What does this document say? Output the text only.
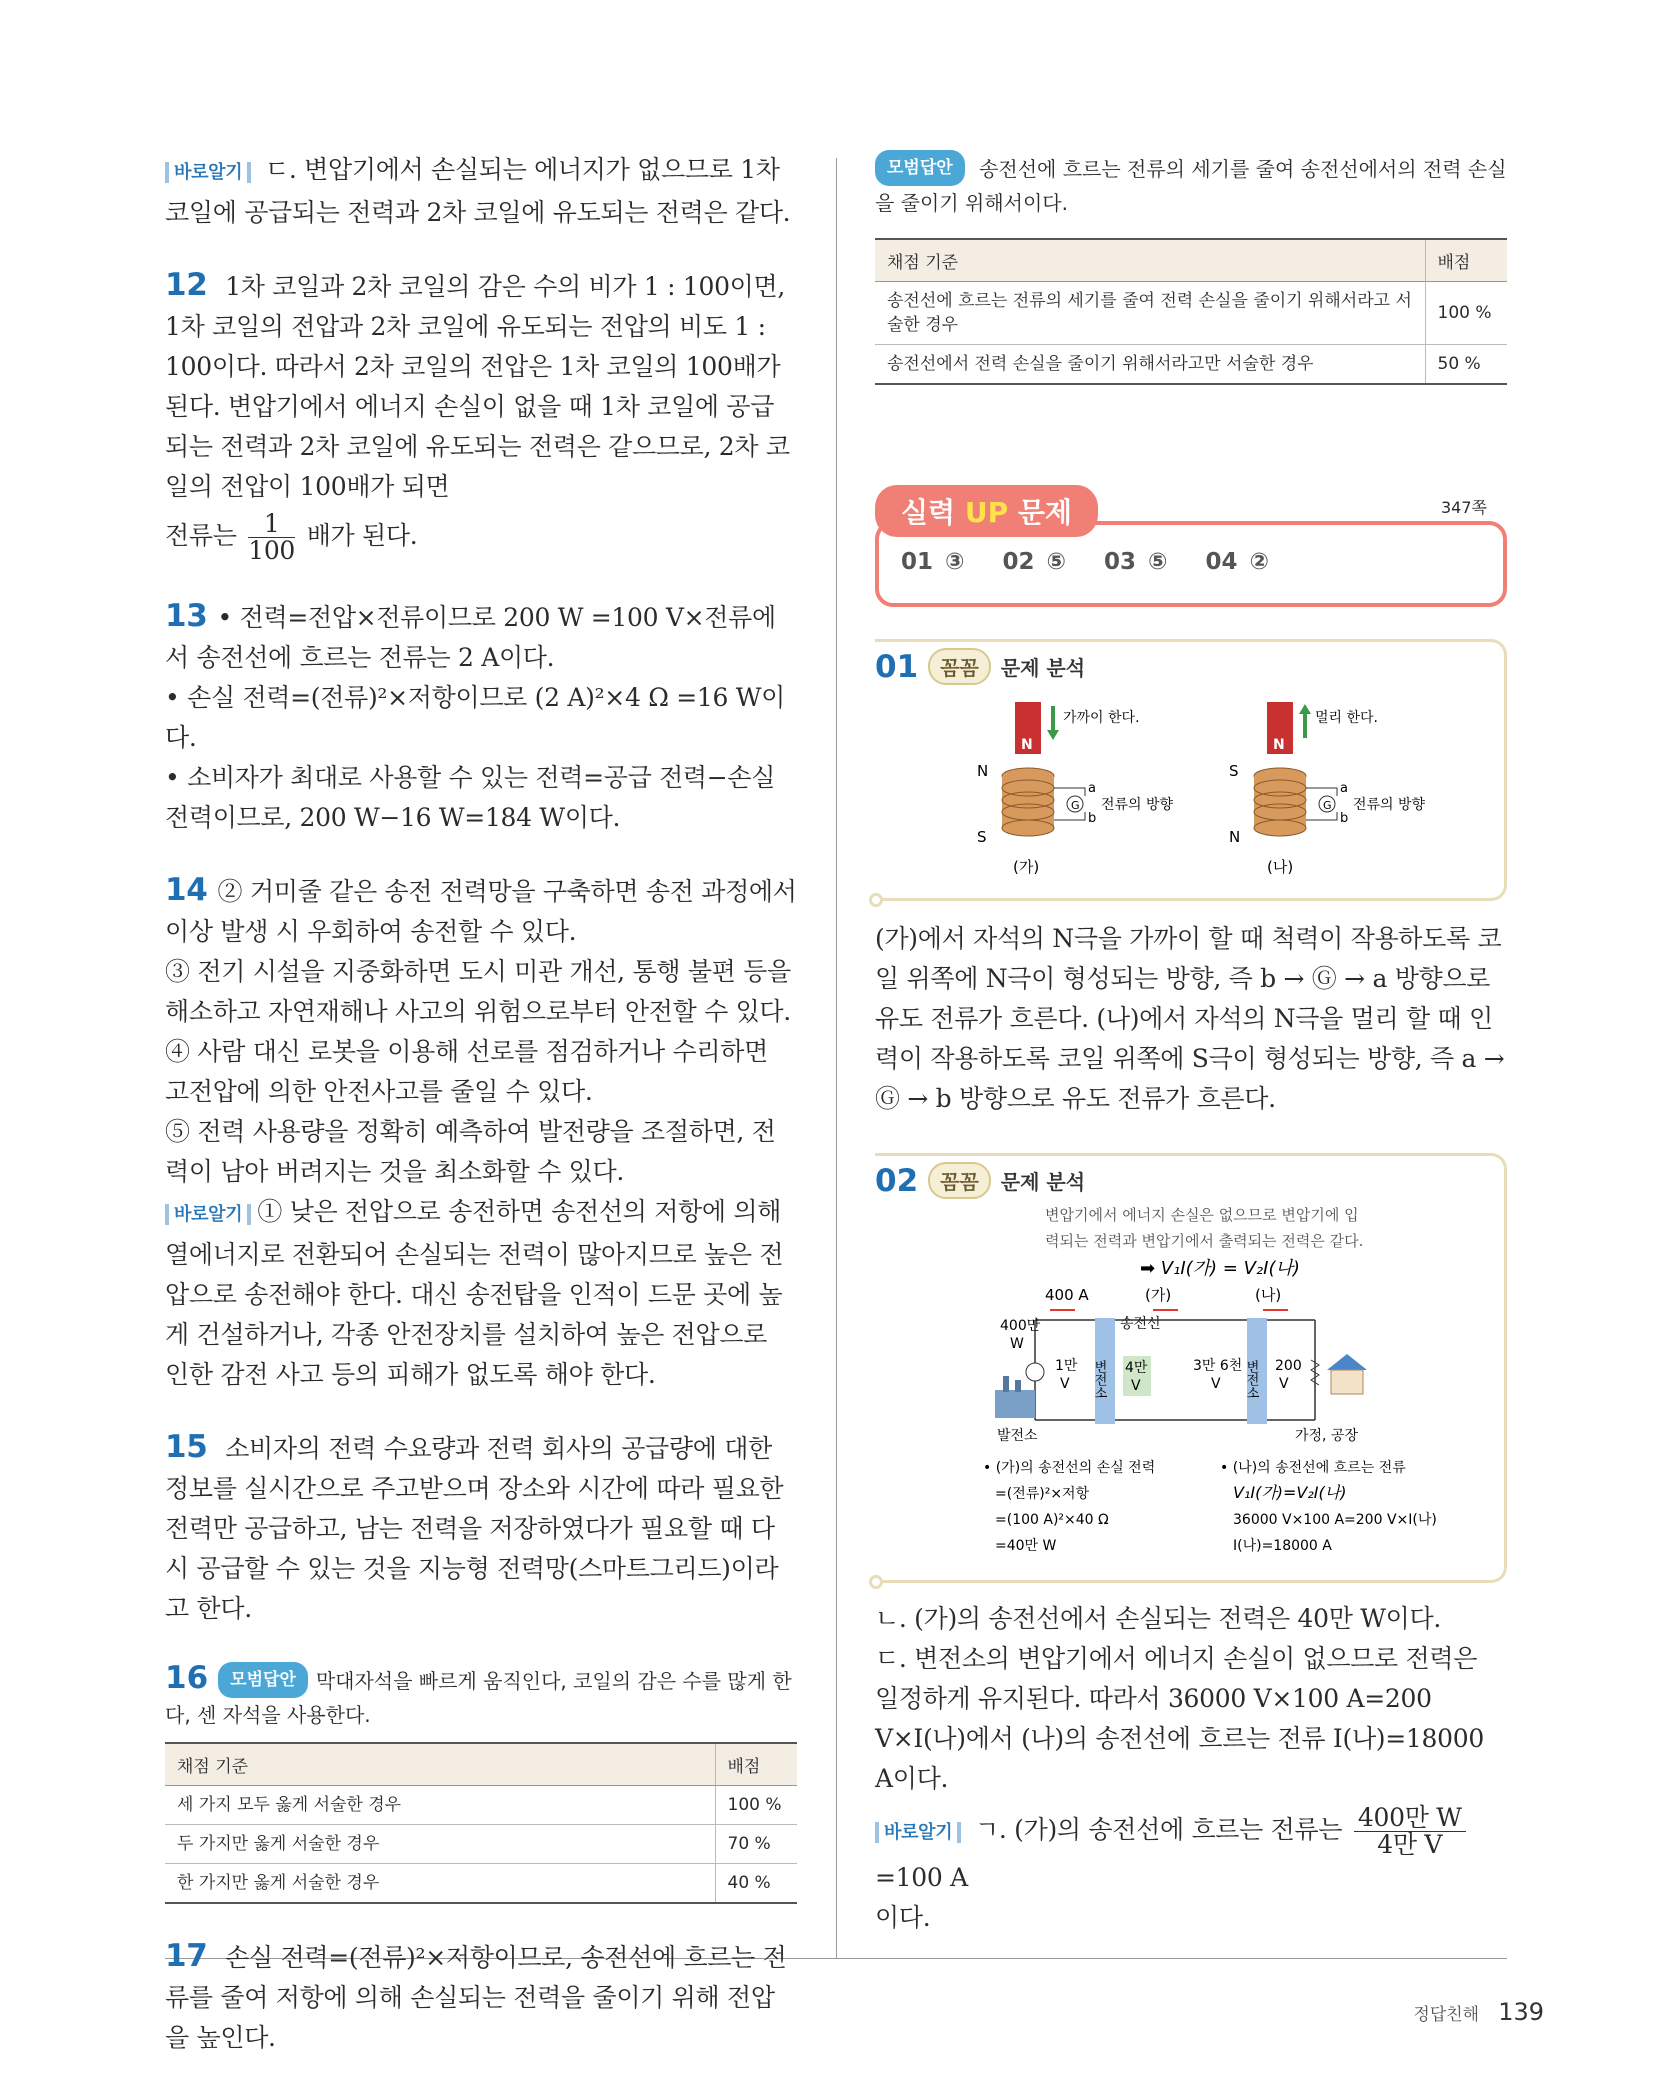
바로알기 ㄷ. 변압기에서 손실되는 에너지가 없으므로 1차 코일에 공급되는 전력과 2차 코일에 유도되는 전력은 같다.

12 1차 코일과 2차 코일의 감은 수의 비가 1 : 100이면, 1차 코일의 전압과 2차 코일에 유도되는 전압의 비도 1 : 100이다. 따라서 2차 코일의 전압은 1차 코일의 100배가 된다. 변압기에서 에너지 손실이 없을 때 1차 코일에 공급되는 전력과 2차 코일에 유도되는 전력은 같으므로, 2차 코일의 전압이 100배가 되면

전류는 $\frac{1}{100}$ 배가 된다.

13 • 전력=전압×전류이므로 200 W =100 V×전류에서 송전선에 흐르는 전류는 2 A이다.

• 손실 전력=(전류)²×저항이므로 (2 A)²×4 Ω =16 W이다.

• 소비자가 최대로 사용할 수 있는 전력=공급 전력−손실 전력이므로, 200 W−16 W=184 W이다.

14 ② 거미줄 같은 송전 전력망을 구축하면 송전 과정에서 이상 발생 시 우회하여 송전할 수 있다.

③ 전기 시설을 지중화하면 도시 미관 개선, 통행 불편 등을 해소하고 자연재해나 사고의 위험으로부터 안전할 수 있다.

④ 사람 대신 로봇을 이용해 선로를 점검하거나 수리하면 고전압에 의한 안전사고를 줄일 수 있다.

⑤ 전력 사용량을 정확히 예측하여 발전량을 조절하면, 전력이 남아 버려지는 것을 최소화할 수 있다.

바로알기 ① 낮은 전압으로 송전하면 송전선의 저항에 의해 열에너지로 전환되어 손실되는 전력이 많아지므로 높은 전압으로 송전해야 한다. 대신 송전탑을 인적이 드문 곳에 높게 건설하거나, 각종 안전장치를 설치하여 높은 전압으로 인한 감전 사고 등의 피해가 없도록 해야 한다.

15 소비자의 전력 수요량과 전력 회사의 공급량에 대한 정보를 실시간으로 주고받으며 장소와 시간에 따라 필요한 전력만 공급하고, 남는 전력을 저장하였다가 필요할 때 다시 공급할 수 있는 것을 지능형 전력망(스마트그리드)이라고 한다.

16 모범답안 막대자석을 빠르게 움직인다, 코일의 감은 수를 많게 한다, 센 자석을 사용한다.

채점 기준	배점
세 가지 모두 옳게 서술한 경우	100 %
두 가지만 옳게 서술한 경우	70 %
한 가지만 옳게 서술한 경우	40 %

17 손실 전력=(전류)²×저항이므로, 송전선에 흐르는 전류를 줄여 저항에 의해 손실되는 전력을 줄이기 위해 전압을 높인다.

모범답안 송전선에 흐르는 전류의 세기를 줄여 송전선에서의 전력 손실을 줄이기 위해서이다.

채점 기준	배점
송전선에 흐르는 전류의 세기를 줄여 전력 손실을 줄이기 위해서라고 서술한 경우	100 %
송전선에서 전력 손실을 줄이기 위해서라고만 서술한 경우	50 %
실력 UP 문제	347쪽
01 ③ 02 ⑤ 03 ⑤ 04 ②
01	꼼꼼	문제 분석
N
가까이 한다.
N
S
G
a
b
전류의 방향
(가)
N
멀리 한다.
S
N
G
a
b
전류의 방향
(나)

(가)에서 자석의 N극을 가까이 할 때 척력이 작용하도록 코일 위쪽에 N극이 형성되는 방향, 즉 b → Ⓖ → a 방향으로 유도 전류가 흐른다. (나)에서 자석의 N극을 멀리 할 때 인력이 작용하도록 코일 위쪽에 S극이 형성되는 방향, 즉 a → Ⓖ → b 방향으로 유도 전류가 흐른다.

02	꼼꼼	문제 분석
변압기에서 에너지 손실은 없으므로 변압기에 입
력되는 전력과 변압기에서 출력되는 전력은 같다.
➡ V₁I(가) = V₂I(나)
400 A	(가)	(나)
송전선
400만
W
1만
V 변전소 4만
V
3만 6천
V 변전소 200
V
발전소	가정, 공장
• (가)의 송전선의 손실 전력
=(전류)²×저항
=(100 A)²×40 Ω
=40만 W
• (나)의 송전선에 흐르는 전류
V₁I(가)=V₂I(나)
36000 V×100 A=200 V×I(나)
I(나)=18000 A

ㄴ. (가)의 송전선에서 손실되는 전력은 40만 W이다.

ㄷ. 변전소의 변압기에서 에너지 손실이 없으므로 전력은 일정하게 유지된다. 따라서 36000 V×100 A=200 V×I(나)에서 (나)의 송전선에 흐르는 전류 I(나)=18000 A이다.

바로알기 ㄱ. (가)의 송전선에 흐르는 전류는 $\frac{\text{400만 W}}{\text{4만 V}}$
=100 A

이다.

정답친해 139
